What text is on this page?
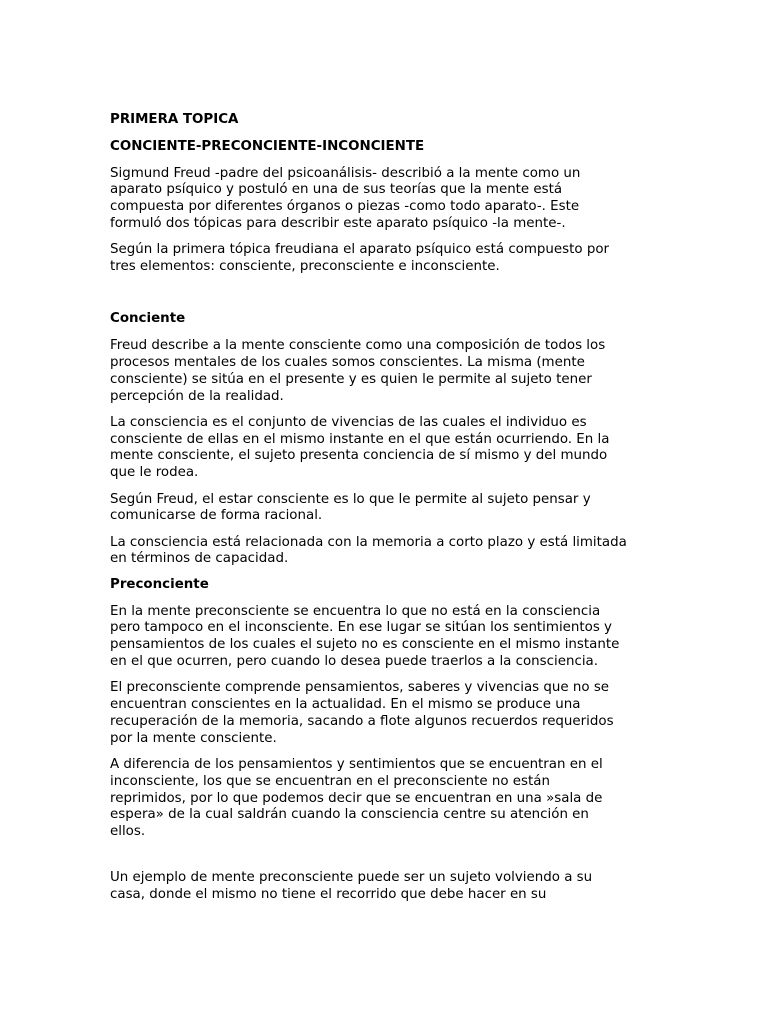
PRIMERA TOPICA
CONCIENTE-PRECONCIENTE-INCONCIENTE
Sigmund Freud -padre del psicoanálisis- describió a la mente como un
aparato psíquico y postuló en una de sus teorías que la mente está
compuesta por diferentes órganos o piezas -como todo aparato-. Este
formuló dos tópicas para describir este aparato psíquico -la mente-.
Según la primera tópica freudiana el aparato psíquico está compuesto por
tres elementos: consciente, preconsciente e inconsciente.
Conciente
Freud describe a la mente consciente como una composición de todos los
procesos mentales de los cuales somos conscientes. La misma (mente
consciente) se sitúa en el presente y es quien le permite al sujeto tener
percepción de la realidad.
La consciencia es el conjunto de vivencias de las cuales el individuo es
consciente de ellas en el mismo instante en el que están ocurriendo. En la
mente consciente, el sujeto presenta conciencia de sí mismo y del mundo
que le rodea.
Según Freud, el estar consciente es lo que le permite al sujeto pensar y
comunicarse de forma racional.
La consciencia está relacionada con la memoria a corto plazo y está limitada
en términos de capacidad.
Preconciente
En la mente preconsciente se encuentra lo que no está en la consciencia
pero tampoco en el inconsciente. En ese lugar se sitúan los sentimientos y
pensamientos de los cuales el sujeto no es consciente en el mismo instante
en el que ocurren, pero cuando lo desea puede traerlos a la consciencia.
El preconsciente comprende pensamientos, saberes y vivencias que no se
encuentran conscientes en la actualidad. En el mismo se produce una
recuperación de la memoria, sacando a flote algunos recuerdos requeridos
por la mente consciente.
A diferencia de los pensamientos y sentimientos que se encuentran en el
inconsciente, los que se encuentran en el preconsciente no están
reprimidos, por lo que podemos decir que se encuentran en una »sala de
espera» de la cual saldrán cuando la consciencia centre su atención en
ellos.
Un ejemplo de mente preconsciente puede ser un sujeto volviendo a su
casa, donde el mismo no tiene el recorrido que debe hacer en su
